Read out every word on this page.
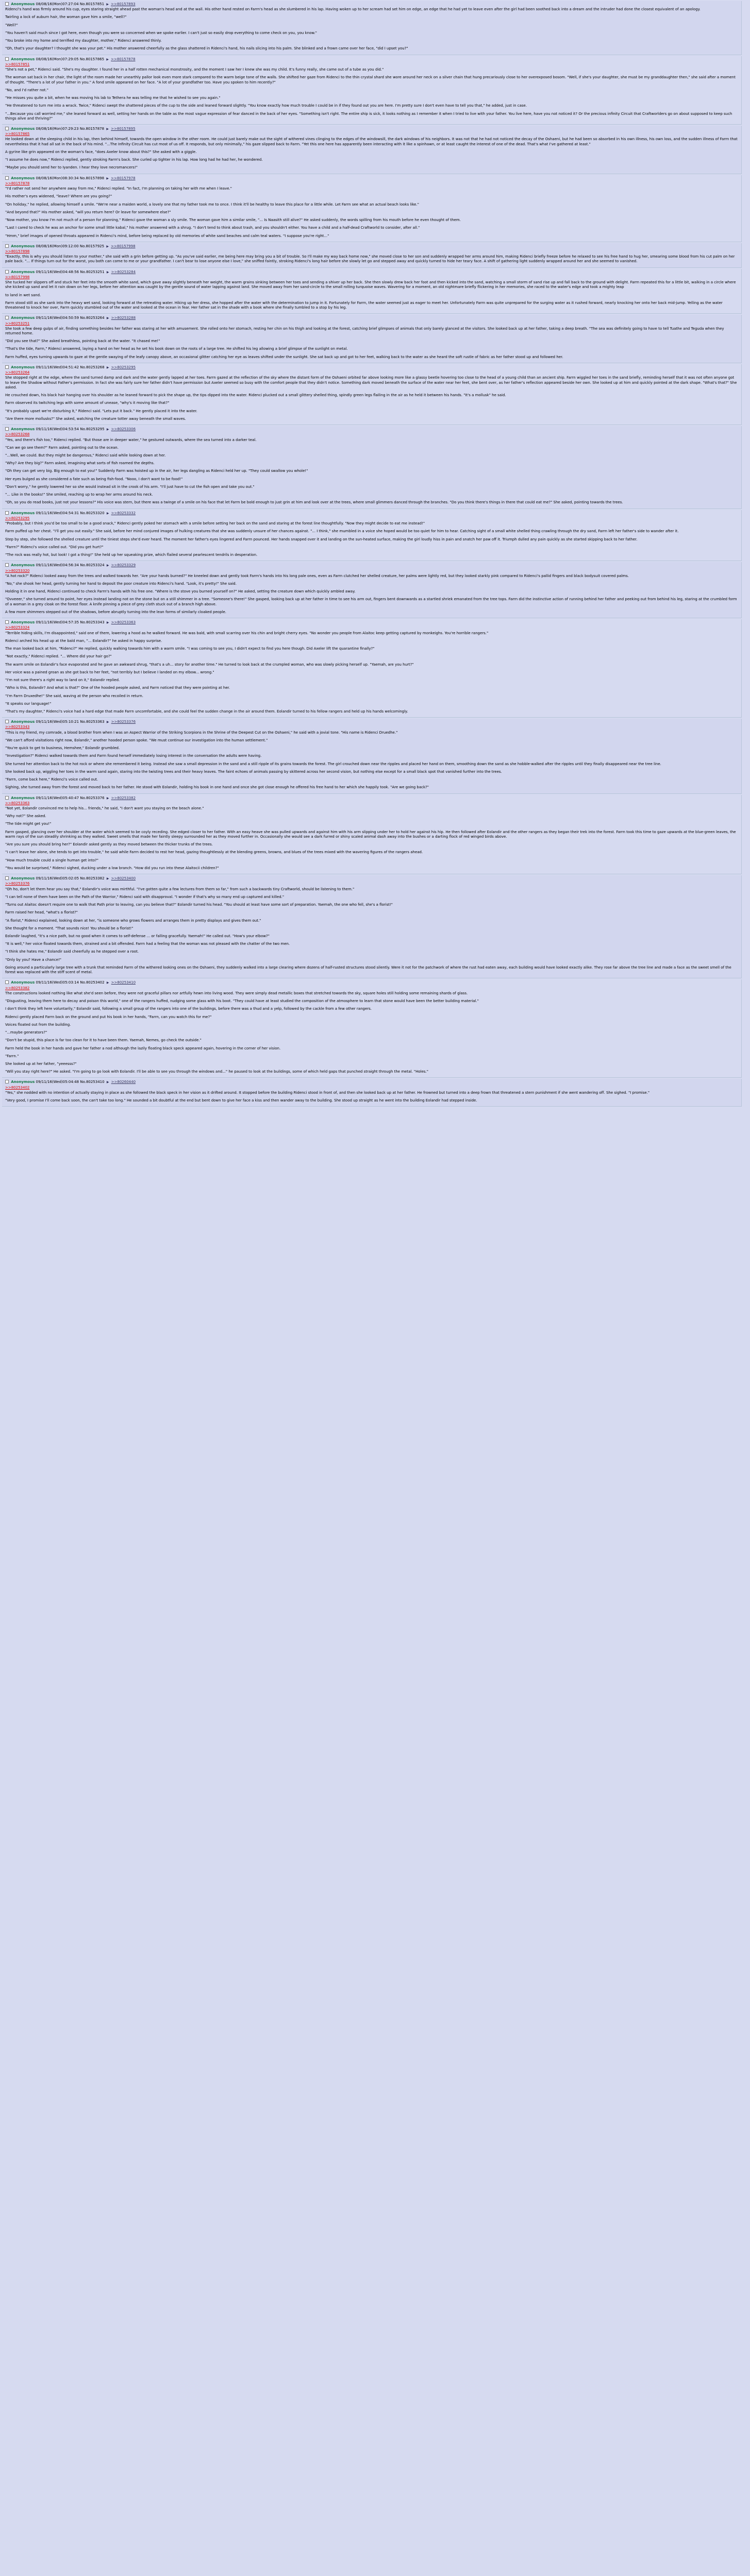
Anonymous 08/08/16(Mon)07:27:04 No.80157851 ▶ >>80157893

Ridenci's hand was firmly around his cup, eyes staring straight ahead past the woman's head and at the wall. His other hand rested on Farrn's head as she slumbered in his lap. Having woken up to her scream had set him on edge, an edge that he had yet to leave even after the girl had been soothed back into a dream and the intruder had done the closest equivalent of an apology.

Twirling a lock of auburn hair, the woman gave him a smile, "well?"

"Well?"

"You haven't said much since I got here, even though you were so concerned when we spoke earlier. I can't just so easily drop everything to come check on you, you know."

"You broke into my home and terrified my daughter, mother," Ridenci answered thinly.

"Oh, that's your daughter? I thought she was your pet." His mother answered cheerfully as the glass shattered in Ridenci's hand, his nails slicing into his palm. She blinked and a frown came over her face, "did I upset you?"

Anonymous 08/08/16(Mon)07:29:05 No.80157865 ▶ >>80157878
>>80157851

"She's not a pet," Ridenci said. "She's my daughter. I found her in a half rotten mechanical monstrosity, and the moment I saw her I knew she was my child. It's funny really, she came out of a tube as you did."

The woman sat back in her chair, the light of the room made her unearthly pallor look even more stark compared to the warm beige tone of the walls. She shifted her gaze from Ridenci to the thin crystal shard she wore around her neck on a silver chain that hung precariously close to her overexposed bosom. "Well, if she's your daughter, she must be my granddaughter then," she said after a moment of thought. "There's a lot of your father in you." A fond smile appeared on her face. "A lot of your grandfather too. Have you spoken to him recently?"

"No, and I'd rather not."

"He misses you quite a bit, when he was moving his lab to Tethera he was telling me that he wished to see you again."

"He threatened to turn me into a wrack. Twice," Ridenci swept the shattered pieces of the cup to the side and leaned forward slightly. "You know exactly how much trouble I could be in if they found out you are here. I'm pretty sure I don't even have to tell you that," he added, just in case.

"...Because you call worried me," she leaned forward as well, setting her hands on the table as the most vague expression of fear danced in the back of her eyes. "Something isn't right. The entire ship is sick, it looks nothing as I remember it when I tried to live with your father. You live here, have you not noticed it? Or the precious infinity Circuit that Craftworlders go on about supposed to keep such things alive and thriving?"

Anonymous 08/08/16(Mon)07:29:23 No.80157878 ▶ >>80157895
>>80157865

He looked down at the sleeping child in his lap, then behind himself, towards the open window in the other room. He could just barely make out the sight of withered vines clinging to the edges of the windowsill, the dark windows of his neighbors. It was not that he had not noticed the decay of the Oshaeni, but he had been so absorbed in his own illness, his own loss, and the sudden illness of Farrn that nevertheless that it had all sat in the back of his mind. "...The Infinity Circuit has cut most of us off. It responds, but only minimally," his gaze slipped back to Farrn. "Yet this one here has apparently been interacting with it like a spinhawn, or at least caught the interest of one of the dead. That's what I've gathered at least."

A gyrine like grin appeared on the woman's face, "does Axeler know about this?" She asked with a giggle.

"I assume he does now," Ridenci replied, gently stroking Farrn's back. She curled up tighter in his lap. How long had he had her, he wondered.

"Maybe you should send her to Iyanden. I hear they love necromancers!"

Anonymous 08/08/16(Mon)08:30:34 No.80157898 ▶ >>80157978
>>80157878

"I'd rather not send her anywhere away from me," Ridenci replied. "In fact, I'm planning on taking her with me when I leave."

His mother's eyes widened, "leave? Where are you going?"

"On holiday," he replied, allowing himself a smile. "We're near a maiden world, a lovely one that my father took me to once. I think it'll be healthy to leave this place for a little while. Let Farrn see what an actual beach looks like."

"And beyond that?" His mother asked, "will you return here? Or leave for somewhere else?"

"Now mother, you know I'm not much of a person for planning," Ridenci gave the woman a sly smile. The woman gave him a similar smile, "... Is Naasith still alive?" He asked suddenly, the words spilling from his mouth before he even thought of them.

"Last I cared to check he was an anchor for some small little kabal," his mother answered with a shrug. "I don't tend to think about trash, and you shouldn't either. You have a child and a half-dead Craftworld to consider, after all."

"Hmm," brief images of opened throats appeared in Ridenci's mind, before being replaced by old memories of white sand beaches and calm teal waters. "I suppose you're right..."

Anonymous 08/08/16(Mon)09:12:00 No.80157925 ▶ >>80157998
>>80157898

"Exactly, this is why you should listen to your mother," she said with a grin before getting up. "As you've said earlier, me being here may bring you a bit of trouble. So I'll make my way back home now," she moved close to her son and suddenly wrapped her arms around him, making Ridenci briefly freeze before he relaxed to see his free hand to hug her, smearing some blood from his cut palm on her pale back. "... If things turn out for the worst, you both can come to me or your grandfather. I can't bear to lose anyone else I love," she sniffed faintly, stroking Ridenci's long hair before she slowly let go and stepped away and quickly turned to hide her teary face. A shift of gathering light suddenly wrapped around her and she seemed to vanished.

Anonymous 09/11/16(Wed)04:48:56 No.80253251 ▶ >>80253284
>>80157998

She tucked her slippers off and stuck her feet into the smooth white sand, which gave away slightly beneath her weight, the warm grains sinking between her toes and sending a shiver up her back. She then slowly drew back her foot and then kicked into the sand, watching a small storm of sand rise up and fall back to the ground with delight. Farrn repeated this for a little bit, walking in a circle where she kicked up sand and let it rain down on her legs, before her attention was caught by the gentle sound of water lapping against land. She moved away from her sand-circle to the small rolling turquoise waves. Wavering for a moment, an old nightmare briefly flickering in her memories, she raced to the water's edge and took a mighty leap

to land in wet sand.

Farrn stood still as she sank into the heavy wet sand, looking forward at the retreating water. Hiking up her dress, she hopped after the water with the determination to jump in it. Fortunately for Farrn, the water seemed just as eager to meet her. Unfortunately Farrn was quite unprepared for the surging water as it rushed forward, nearly knocking her onto her back mid-jump. Yelling as the water threatened to knock her over, Farrn quickly stumbled out of the water and looked at the ocean in fear. Her father sat in the shade with a book where she finally tumbled to a stop by his leg.

Anonymous 09/11/16(Wed)04:50:59 No.80253264 ▶ >>80253288
>>80253251

She took a few deep gulps of air, finding something besides her father was staring at her with amusement. She rolled onto her stomach, resting her chin on his thigh and looking at the forest, catching brief glimpses of animals that only barely glanced at the visitors. She looked back up at her father, taking a deep breath. "The sea was definitely going to have to tell Tuathe and Teguda when they returned home.

"Did you see that?" She asked breathless, pointing back at the water. "It chased me!"

"That's the tide, Farrn," Ridenci answered, laying a hand on her head as he set his book down on the roots of a large tree. He shifted his leg allowing a brief glimpse of the sunlight on metal.

Farrn huffed, eyes turning upwards to gaze at the gentle swaying of the leafy canopy above, an occasional glitter catching her eye as leaves shifted under the sunlight. She sat back up and got to her feet, walking back to the water as she heard the soft rustle of fabric as her father stood up and followed her.

Anonymous 09/11/16(Wed)04:51:42 No.80253268 ▶ >>80253295
>>80253264

She stopped right at the edge, where the sand turned damp and dark and the water gently lapped at her toes. Farrn gazed at the reflection of the sky where the distant form of the Oshaeni orbited far above looking more like a glassy beetle hovering too close to the head of a young child than an ancient ship. Farrn wiggled her toes in the sand briefly, reminding herself that it was not often anyone got to leave the Shadow without Father's permission. In fact she was fairly sure her father didn't have permission but Axeler seemed so busy with the comfort people that they didn't notice. Something dark moved beneath the surface of the water near her feet, she bent over, as her father's reflection appeared beside her own. She looked up at him and quickly pointed at the dark shape. "What's that?" She asked.

He crouched down, his black hair hanging over his shoulder as he leaned forward to pick the shape up, the tips dipped into the water. Ridenci plucked out a small glittery shelled thing, spindly green legs flailing in the air as he held it between his hands. "It's a mollusk" he said.

Farrn observed its twitching legs with some amount of unease, "why's it moving like that?"

"It's probably upset we're disturbing it," Ridenci said. "Lets put it back." He gently placed it into the water.

"Are there more mollusks?" She asked, watching the creature totter away beneath the small waves.

Anonymous 09/11/16(Wed)04:53:54 No.80253295 ▶ >>80253306
>>80253268

"Yes, and there's fish too," Ridenci replied. "But those are in deeper water," he gestured outwards, where the sea turned into a darker teal.

"Can we go see them?" Farrn asked, pointing out to the ocean.

"...Well, we could. But they might be dangerous," Ridenci said while looking down at her.

"Why? Are they big?" Farrn asked, imagining what sorts of fish roamed the depths.

"Oh they can get very big. Big enough to eat you!" Suddenly Farrn was hoisted up in the air, her legs dangling as Ridenci held her up. "They could swallow you whole!"

Her eyes bulged as she considered a fate such as being fish-food. "Nooo, I don't want to be food!"

"Don't worry," he gently lowered her so she would instead sit in the crook of his arm. "I'll just have to cut the fish open and take you out."

"... Like in the books!" She smiled, reaching up to wrap her arms around his neck.

"Oh, so you do read books, just not your lessons?" His voice was stern, but there was a twinge of a smile on his face that let Farrn be bold enough to just grin at him and look over at the trees, where small glimmers danced through the branches. "Do you think there's things in there that could eat me?" She asked, pointing towards the trees.

Anonymous 09/11/16(Wed)04:54:31 No.80253320 ▶ >>80253332
>>80253295

"Probably, but I think you'd be too small to be a good snack," Ridenci gently poked her stomach with a smile before setting her back on the sand and staring at the forest line thoughtfully. "Now they might decide to eat me instead!"

Farrn puffed up her chest. "I'll get you out easily." She said, before her mind conjured images of hulking creatures that she was suddenly unsure of her chances against. "... I think," she mumbled in a voice she hoped would be too quiet for him to hear. Catching sight of a small white shelled thing crawling through the dry sand, Farrn left her father's side to wander after it.

Step by step, she followed the shelled creature until the tiniest steps she'd ever heard. The moment her father's eyes lingered and Farrn pounced. Her hands snapped over it and landing on the sun-heated surface, making the girl loudly hiss in pain and snatch her paw off it. Triumph dulled any pain quickly as she started skipping back to her father.

"Farrn?" Ridenci's voice called out. "Did you get hurt?"

"The rock was really hot, but look! I got a thing!" She held up her squeaking prize, which flailed several pearlescent tendrils in desperation.

Anonymous 09/11/16(Wed)04:56:34 No.80253324 ▶ >>80253329
>>80253320

"A hot rock?" Ridenci looked away from the trees and walked towards her. "Are your hands burned?" He kneeled down and gently took Farrn's hands into his long pale ones, even as Farrn clutched her shelled creature, her palms were lightly red, but they looked starkly pink compared to Ridenci's pallid fingers and black bodysuit covered palms.

"No," she shook her head, gently turning her hand to deposit the poor creature into Ridenci's hand. "Look, it's pretty!" She said.

Holding it in one hand, Ridenci continued to check Farrn's hands with his free one. "Where is the stove you burned yourself on?" He asked, setting the creature down which quickly ambled away.

"Ovveeer," she turned around to point, her eyes instead landing not on the stone but on a still shimmer in a tree. "Someone's there!" She gasped, looking back up at her father in time to see his arm out, fingers bent downwards as a startled shriek emanated from the tree tops. Farrn did the instinctive action of running behind her father and peeking out from behind his leg, staring at the crumbled form of a woman in a grey cloak on the forest floor. A knife pinning a piece of grey cloth stuck out of a branch high above.

A few more shimmers stepped out of the shadows, before abruptly turning into the lean forms of similarly cloaked people.

Anonymous 09/11/16(Wed)04:57:35 No.80253343 ▶ >>80253363
>>80253324

"Terrible hiding skills, I'm disappointed," said one of them, lowering a hood as he walked forward. He was bald, with small scarring over his chin and bright cherry eyes. "No wonder you people from Alaitoc keep getting captured by monkeighs. You're horrible rangers."

Ridenci arched his head up at the bald man, "... Eolandir?" he asked in happy surprise.

The man looked back at him, "Ridenci?" He replied, quickly walking towards him with a warm smile. "I was coming to see you, I didn't expect to find you here though. Did Axeler lift the quarantine finally?"

"Not exactly," Ridenci replied. "... Where did your hair go?"

The warm smile on Eolandir's face evaporated and he gave an awkward shrug, "that's a uh... story for another time." He turned to look back at the crumpled woman, who was slowly picking herself up. "Yaemah, are you hurt?"

Her voice was a pained groan as she got back to her feet, "not terribly but I believe I landed on my elbow... wrong."

"I'm not sure there's a right way to land on it," Eolandir replied.

"Who is this, Eolandir? And what is that?" One of the hooded people asked, and Farrn noticed that they were pointing at her.

"I'm Farrn Druxedhe!" She said, waving at the person who recoiled in return.

"It speaks our language!"

"That's my daughter," Ridenci's voice had a hard edge that made Farrn uncomfortable, and she could feel the sudden change in the air around them. Eolandir turned to his fellow rangers and held up his hands welcomingly.

Anonymous 09/11/16(Wed)05:10:21 No.80253363 ▶ >>80253376
>>80253343

"This is my friend, my comrade, a blood brother from when I was an Aspect Warrior of the Striking Scorpions in the Shrine of the Deepest Cut on the Oshaeni," he said with a jovial tone. "His name is Ridenci Druedhe."

"We can't afford visitations right now, Eolandir," another hooded person spoke. "We must continue our investigation into the human settlement."

"You're quick to get to business, Hemshee," Eolandir grumbled.

"Investigation?" Ridenci walked towards them and Farrn found herself immediately losing interest in the conversation the adults were having.

She turned her attention back to the hot rock or where she remembered it being. Instead she saw a small depression in the sand and a still ripple of its grains towards the forest. The girl crouched down near the ripples and placed her hand on them, smoothing down the sand as she hobble-walked after the ripples until they finally disappeared near the tree line.

She looked back up, wiggling her toes in the warm sand again, staring into the twisting trees and their heavy leaves. The faint echoes of animals passing by skittered across her second vision, but nothing else except for a small black spot that vanished further into the trees.

"Farrn, come back here," Ridenci's voice called out.

Sighing, she turned away from the forest and moved back to her father. He stood with Eolandir, holding his book in one hand and once she got close enough he offered his free hand to her which she happily took. "Are we going back?"

Anonymous 09/11/16(Wed)05:40:47 No.80253376 ▶ >>80253382
>>80253363

"Not yet, Eolandir convinced me to help his... friends," he said, "I don't want you staying on the beach alone."

"Why not?" She asked.

"The tide might get you!"

Farrn gasped, glancing over her shoulder at the water which seemed to be coyly receding. She edged closer to her father. With an easy heave she was pulled upwards and against him with his arm slipping under her to hold her against his hip. He then followed after Eolandir and the other rangers as they began their trek into the forest. Farrn took this time to gaze upwards at the blue-green leaves, the warm rays of the sun steadily shrinking as they walked. Sweet smells that made her faintly sleepy surrounded her as they moved further in. Occasionally she would see a dark furred or shiny scaled animal dash away into the bushes or a darting flock of red winged birds above.

"Are you sure you should bring her?" Eolandir asked gently as they moved between the thicker trunks of the trees.

"I can't leave her alone, she tends to get into trouble," he said while Farrn decided to rest her head, gazing thoughtlessly at the blending greens, browns, and blues of the trees mixed with the wavering figures of the rangers ahead.

"How much trouble could a single human get into?"

"You would be surprised," Ridenci sighed, ducking under a low branch. "How did you run into these Alaitocii children?"

Anonymous 09/11/16(Wed)05:02:05 No.80253382 ▶ >>80253400
>>80253376

"Oh ho, don't let them hear you say that," Eolandir's voice was mirthful. "I've gotten quite a few lectures from them so far," from such a backwards tiny Craftworld, should be listening to them."

"I can tell none of them have been on the Path of the Warrior," Ridenci said with disapproval. "I wonder if that's why so many end up captured and killed."

"Turns out Alaitoc doesn't require one to walk that Path prior to leaving, can you believe that?" Eolandir turned his head. "You should at least have some sort of preparation. Yaemah, the one who fell, she's a florist!"

Farrn raised her head, "what's a florist?"

"A florist," Ridenci explained, looking down at her, "is someone who grows flowers and arranges them in pretty displays and gives them out."

She thought for a moment. "That sounds nice! You should be a florist!"

Eolandir laughed, "it's a nice path, but no good when it comes to self-defense ... or falling gracefully. Yaemah!" He called out. "How's your elbow?"

"It is well," her voice floated towards them, strained and a bit offended. Farrn had a feeling that the woman was not pleased with the chatter of the two men.

"I think she hates me," Eolandir said cheerfully as he stepped over a root.

"Only by you? Have a chance!"

Going around a particularly large tree with a trunk that reminded Farrn of the withered looking ones on the Oshaeni, they suddenly walked into a large clearing where dozens of half-rusted structures stood silently. Were it not for the patchwork of where the rust had eaten away, each building would have looked exactly alike. They rose far above the tree line and made a face as the sweet smell of the forest was replaced with the stiff scent of metal.

Anonymous 09/11/16(Wed)05:03:14 No.80253402 ▶ >>80253410
>>80253382

The constructions looked nothing like what she'd seen before, they were not graceful pillars nor artfully hewn into living wood. They were simply dead metallic boxes that stretched towards the sky, square holes still holding some remaining shards of glass.

"Disgusting, leaving them here to decay and poison this world," one of the rangers huffed, nudging some glass with his boot. "They could have at least studied the composition of the atmosphere to learn that stone would have been the better building material."

I don't think they left here voluntarily," Eolandir said, following a small group of the rangers into one of the buildings, before there was a thud and a yelp, followed by the cackle from a few other rangers.

Ridenci gently placed Farrn back on the ground and put his book in her hands, "Farrn, can you watch this for me?"

Voices floated out from the building.

"...maybe generators?"

"Don't be stupid, this place is far too clean for it to have been them. Yaemah, Nemes, go check the outside."

Farrn held the book in her hands and gave her father a nod although the lazily floating black speck appeared again, hovering in the corner of her vision.

"Farrn."

She looked up at her father, "yeeesss?"

"Will you stay right here?" He asked. "I'm going to go look with Eolandir. I'll be able to see you through the windows and..." he paused to look at the buildings, some of which held gaps that punched straight through the metal. "Holes."

Anonymous 09/11/16(Wed)05:04:48 No.80253410 ▶ >>80260440
>>80253402

"Yes," she nodded with no intention of actually staying in place as she followed the black speck in her vision as it drifted around. It stopped before the building Ridenci stood in front of, and then she looked back up at her father. He frowned but turned into a deep frown that threatened a stern punishment if she went wandering off. She sighed. "I promise."

"Very good, I promise I'll come back soon, the can't take too long." He sounded a bit doubtful at the end but bent down to give her face a kiss and then wander away to the building. She stood up straight as he went into the building Eolandir had stepped inside.
